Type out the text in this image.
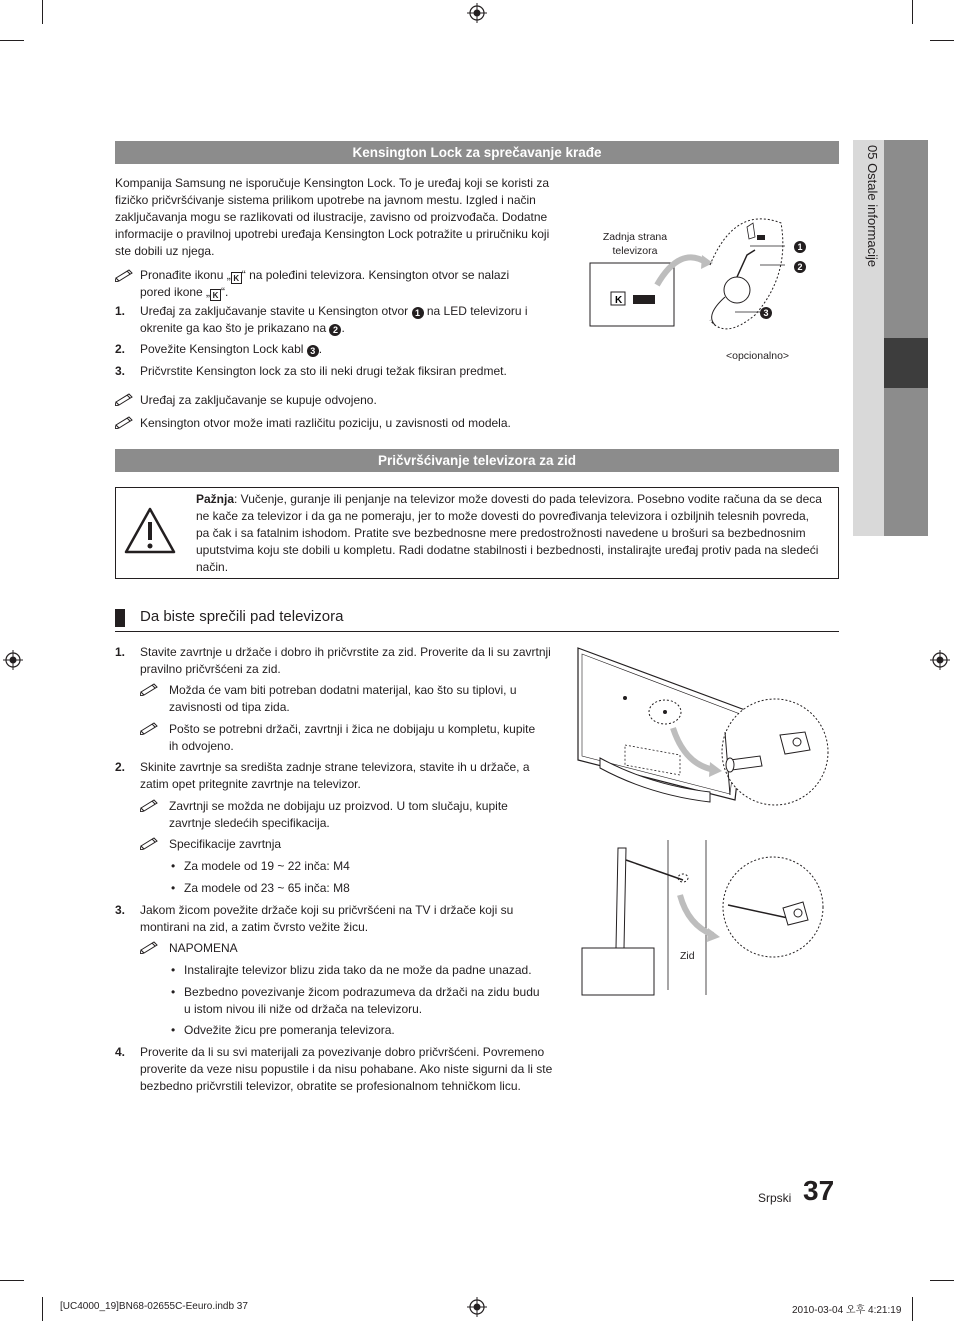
05 Ostale informacije
Kensington Lock za sprečavanje krađe
Kompanija Samsung ne isporučuje Kensington Lock. To je uređaj koji se koristi za
fizičko pričvršćivanje sistema prilikom upotrebe na javnom mestu. Izgled i način
zaključavanja mogu se razlikovati od ilustracije, zavisno od proizvođača. Dodatne
informacije o pravilnoj upotrebi uređaja Kensington Lock potražite u priručniku koji
ste dobili uz njega.
Pronađite ikonu „ K “ na poleđini televizora. Kensington otvor se nalazi
pored ikone „ K “.
1. Uređaj za zaključavanje stavite u Kensington otvor 1 na LED televizoru i
okrenite ga kao što je prikazano na 2 .
2. Povežite Kensington Lock kabl 3 .
3. Pričvrstite Kensington lock za sto ili neki drugi težak fiksiran predmet.
Uređaj za zaključavanje se kupuje odvojeno.
Kensington otvor može imati različitu poziciju, u zavisnosti od modela.
Zadnja strana
televizora
K
1
2
3
<opcionalno>
Pričvršćivanje televizora za zid
Pažnja: Vučenje, guranje ili penjanje na televizor može dovesti do pada televizora. Posebno vodite računa da se deca
ne kače za televizor i da ga ne pomeraju, jer to može dovesti do povređivanja televizora i ozbiljnih telesnih povreda,
pa čak i sa fatalnim ishodom. Pratite sve bezbednosne mere predostrožnosti navedene u brošuri sa bezbednosnim
uputstvima koju ste dobili u kompletu. Radi dodatne stabilnosti i bezbednosti, instalirajte uređaj protiv pada na sledeći
način.
Da biste sprečili pad televizora
1. Stavite zavrtnje u držače i dobro ih pričvrstite za zid. Proverite da li su zavrtnji
pravilno pričvršćeni za zid.
Možda će vam biti potreban dodatni materijal, kao što su tiplovi, u
zavisnosti od tipa zida.
Pošto se potrebni držači, zavrtnji i žica ne dobijaju u kompletu, kupite
ih odvojeno.
2. Skinite zavrtnje sa središta zadnje strane televizora, stavite ih u držače, a
zatim opet pritegnite zavrtnje na televizor.
Zavrtnji se možda ne dobijaju uz proizvod. U tom slučaju, kupite
zavrtnje sledećih specifikacija.
Specifikacije zavrtnja
• Za modele od 19 ~ 22 inča: M4
• Za modele od 23 ~ 65 inča: M8
3. Jakom žicom povežite držače koji su pričvršćeni na TV i držače koji su
montirani na zid, a zatim čvrsto vežite žicu.
NAPOMENA
• Instalirajte televizor blizu zida tako da ne može da padne unazad.
• Bezbedno povezivanje žicom podrazumeva da držači na zidu budu
u istom nivou ili niže od držača na televizoru.
• Odvežite žicu pre pomeranja televizora.
4. Proverite da li su svi materijali za povezivanje dobro pričvršćeni. Povremeno
proverite da veze nisu popustile i da nisu pohabane. Ako niste sigurni da li ste
bezbedno pričvrstili televizor, obratite se profesionalnom tehničkom licu.
Zid
Srpski 37
[UC4000_19]BN68-02655C-Eeuro.indb 37	2010-03-04 오후 4:21:19
